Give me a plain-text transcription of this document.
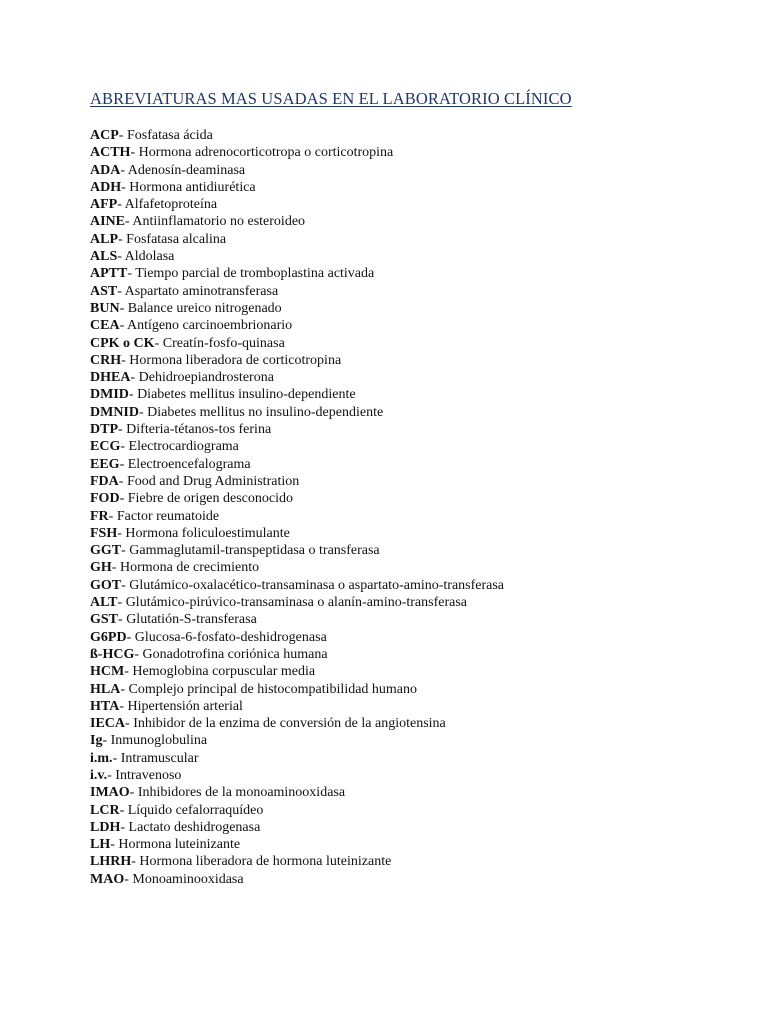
ABREVIATURAS MAS USADAS EN EL LABORATORIO CLÍNICO
ACP- Fosfatasa ácida
ACTH- Hormona adrenocorticotropa o corticotropina
ADA- Adenosín-deaminasa
ADH- Hormona antidiurética
AFP- Alfafetoproteína
AINE- Antiinflamatorio no esteroideo
ALP- Fosfatasa alcalina
ALS- Aldolasa
APTT- Tiempo parcial de tromboplastina activada
AST- Aspartato aminotransferasa
BUN- Balance ureico nitrogenado
CEA- Antígeno carcinoembrionario
CPK o CK- Creatín-fosfo-quinasa
CRH- Hormona liberadora de corticotropina
DHEA- Dehidroepiandrosterona
DMID- Diabetes mellitus insulino-dependiente
DMNID- Diabetes mellitus no insulino-dependiente
DTP- Difteria-tétanos-tos ferina
ECG- Electrocardiograma
EEG- Electroencefalograma
FDA- Food and Drug Administration
FOD- Fiebre de origen desconocido
FR- Factor reumatoide
FSH- Hormona foliculoestimulante
GGT- Gammaglutamil-transpeptidasa o transferasa
GH- Hormona de crecimiento
GOT- Glutámico-oxalacético-transaminasa o aspartato-amino-transferasa
ALT- Glutámico-pirúvico-transaminasa o alanín-amino-transferasa
GST- Glutatión-S-transferasa
G6PD- Glucosa-6-fosfato-deshidrogenasa
ß-HCG- Gonadotrofina coriónica humana
HCM- Hemoglobina corpuscular media
HLA- Complejo principal de histocompatibilidad humano
HTA- Hipertensión arterial
IECA- Inhibidor de la enzima de conversión de la angiotensina
Ig- Inmunoglobulina
i.m.- Intramuscular
i.v.- Intravenoso
IMAO- Inhibidores de la monoaminooxidasa
LCR- Líquido cefalorraquídeo
LDH- Lactato deshidrogenasa
LH- Hormona luteinizante
LHRH- Hormona liberadora de hormona luteinizante
MAO- Monoaminooxidasa
